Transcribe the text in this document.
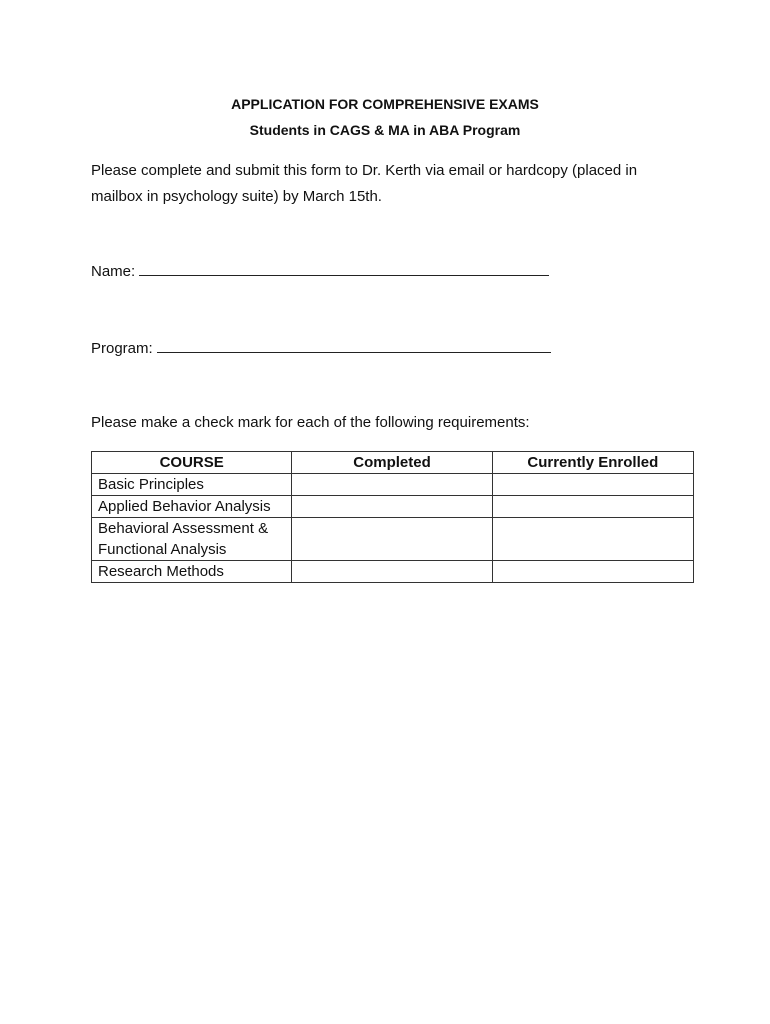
APPLICATION FOR COMPREHENSIVE EXAMS
Students in CAGS & MA in ABA Program
Please complete and submit this form to Dr. Kerth via email or hardcopy (placed in mailbox in psychology suite) by March 15th.
Name:
Program:
Please make a check mark for each of the following requirements:
COURSE	Completed	Currently Enrolled
Basic Principles		
Applied Behavior Analysis		
Behavioral Assessment & Functional Analysis		
Research Methods		
